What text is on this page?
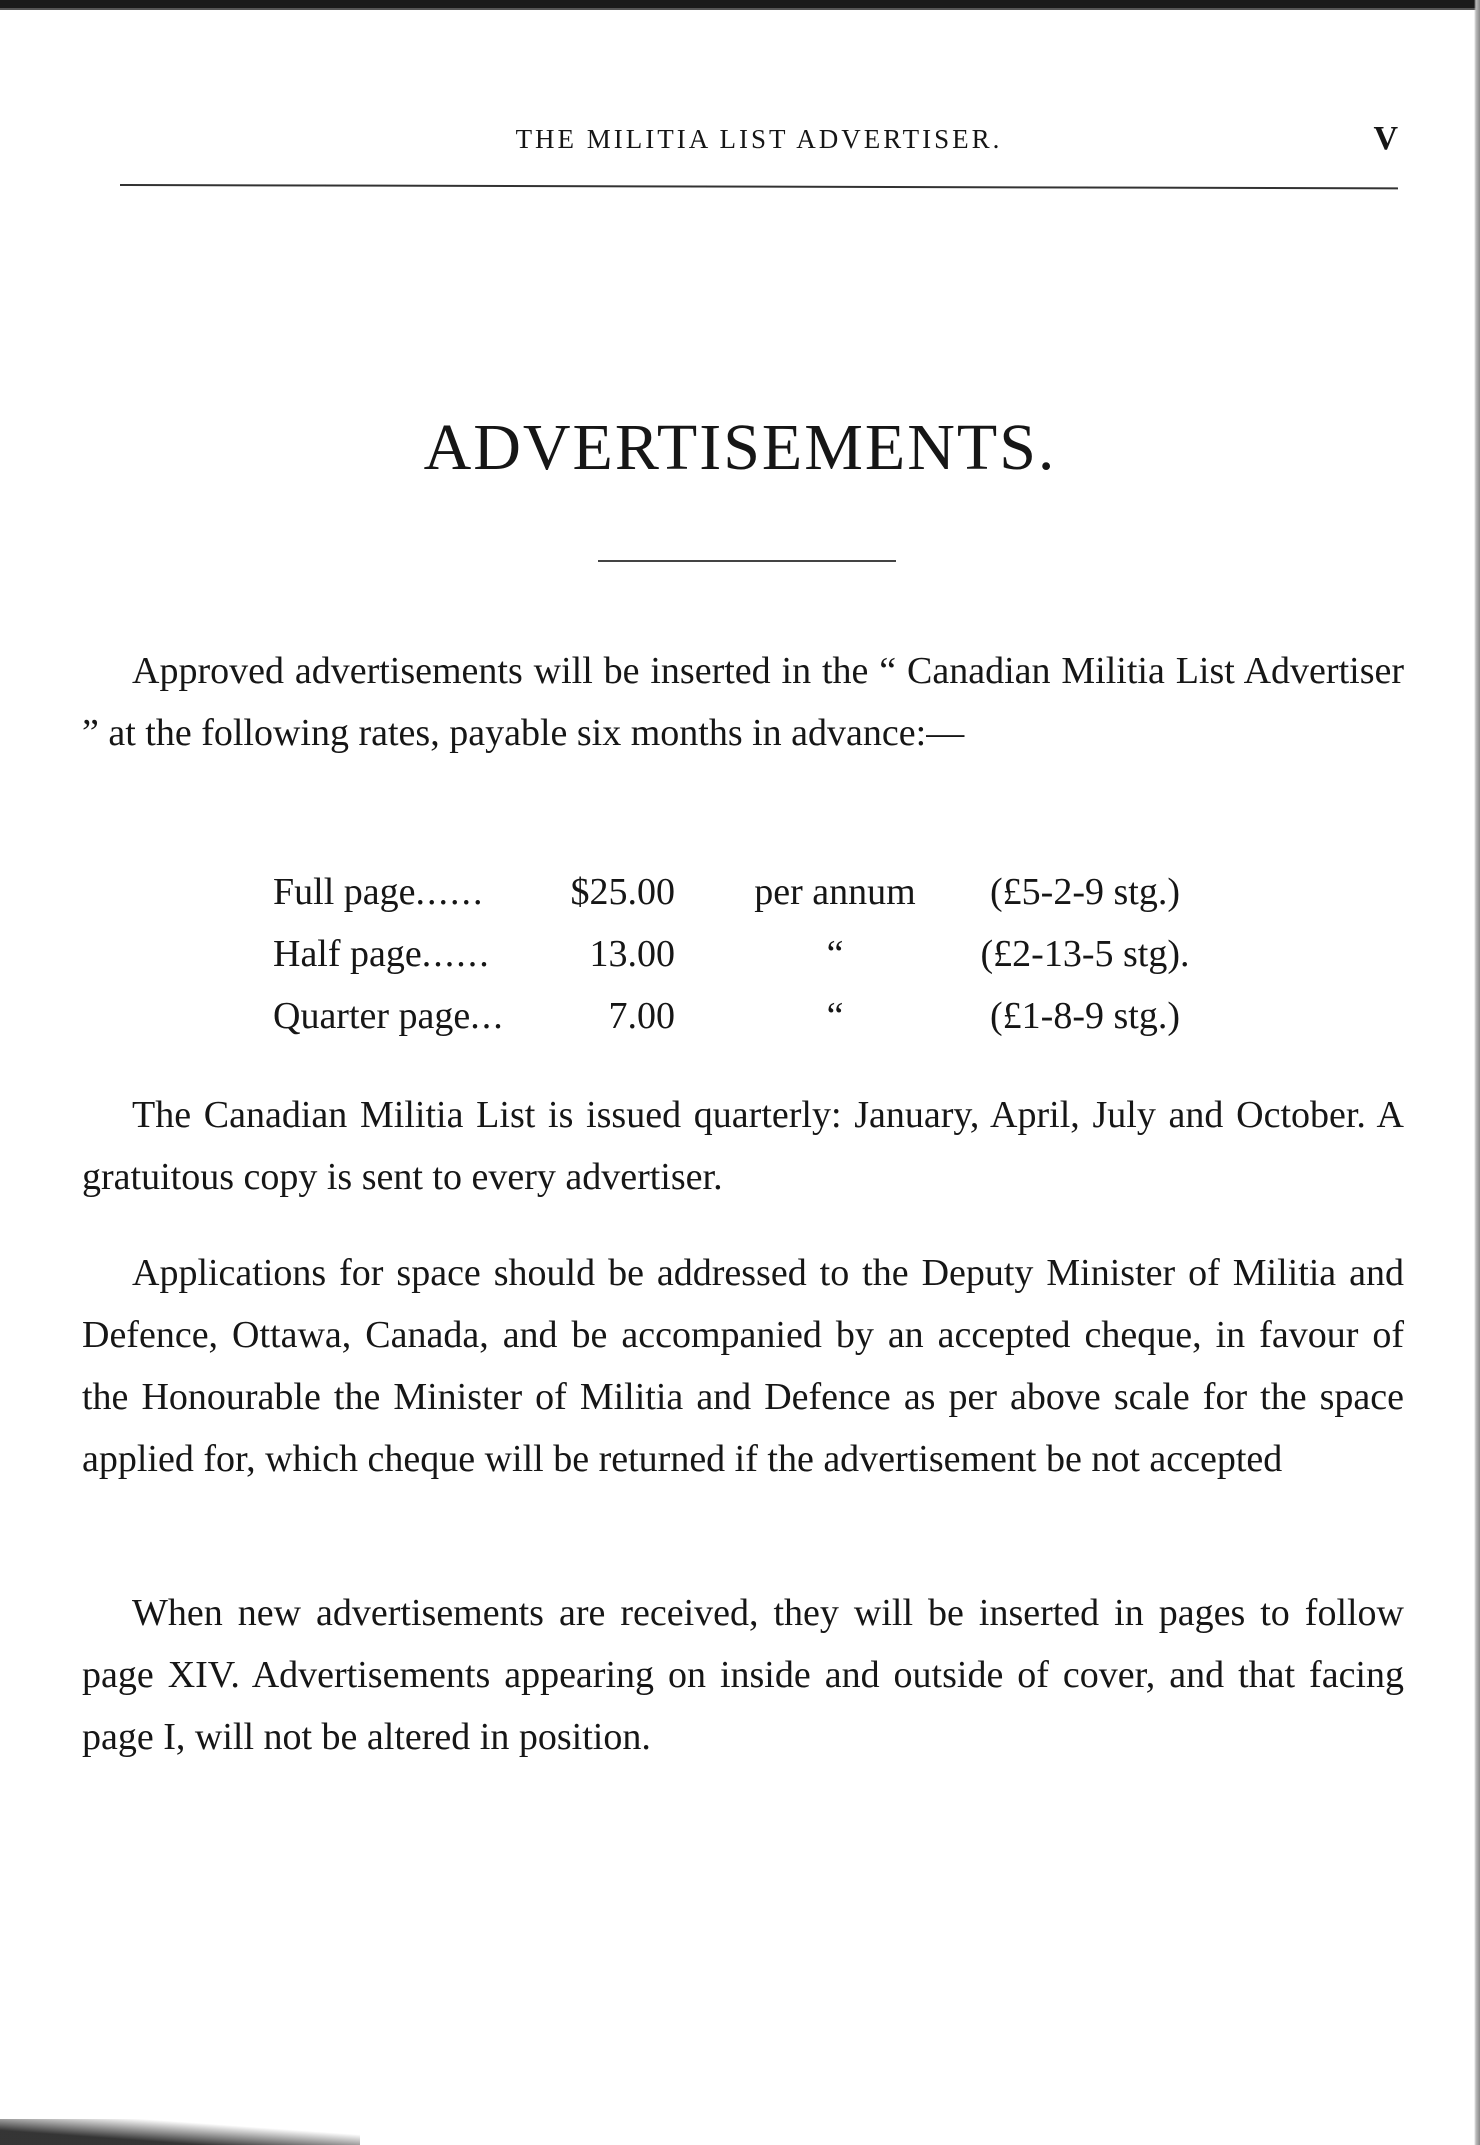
THE MILITIA LIST ADVERTISER.	V
ADVERTISEMENTS.

Approved advertisements will be inserted in the “ Canadian Militia List Advertiser ” at the following rates, payable six months in advance:—

Full page...... $25.00	per annum	(£5-2-9 stg.)
Half page......	13.00	“	(£2-13-5 stg).
Quarter page...	7.00	“	(£1-8-9 stg.)

The Canadian Militia List is issued quarterly: January, April, July and October. A gratuitous copy is sent to every advertiser.

Applications for space should be addressed to the Deputy Minister of Militia and Defence, Ottawa, Canada, and be accompanied by an accepted cheque, in favour of the Honourable the Minister of Militia and Defence as per above scale for the space applied for, which cheque will be returned if the advertisement be not accepted

When new advertisements are received, they will be inserted in pages to follow page XIV. Advertisements appearing on inside and outside of cover, and that facing page I, will not be altered in position.
